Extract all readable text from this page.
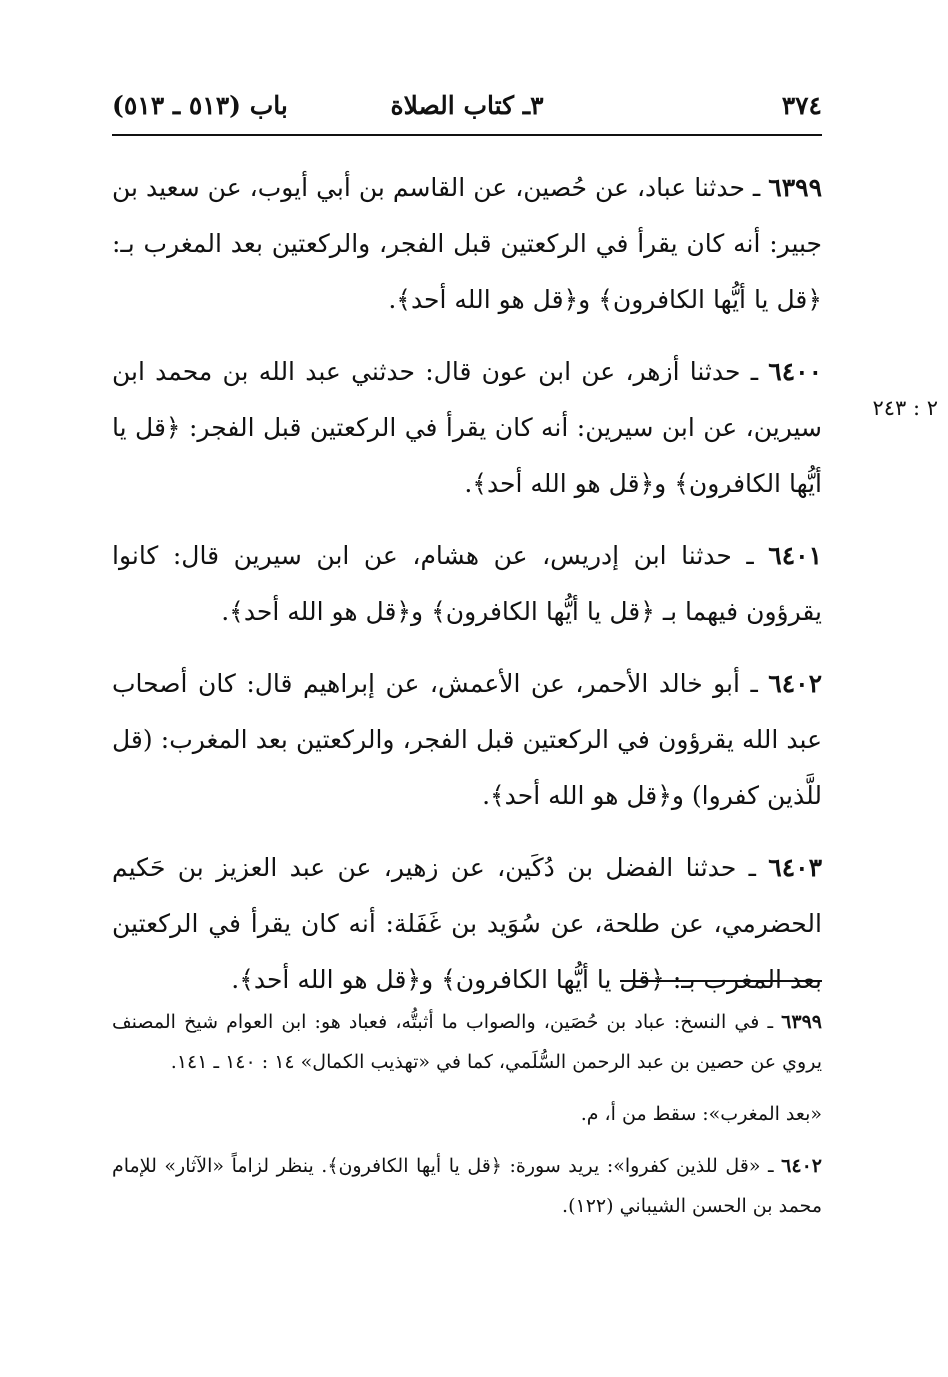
٣٧٤
٣ـ كتاب الصلاة
باب (٥١٣ ـ ٥١٣)
٢ : ٢٤٣

٦٣٩٩ ـ حدثنا عباد، عن حُصين، عن القاسم بن أبي أيوب، عن سعيد بن جبير: أنه كان يقرأ في الركعتين قبل الفجر، والركعتين بعد المغرب بـ: ﴿قل يا أيُّها الكافرون﴾ و﴿قل هو الله أحد﴾.

٦٤٠٠ ـ حدثنا أزهر، عن ابن عون قال: حدثني عبد الله بن محمد ابن سيرين، عن ابن سيرين: أنه كان يقرأ في الركعتين قبل الفجر: ﴿قل يا أيُّها الكافرون﴾ و﴿قل هو الله أحد﴾.

٦٤٠١ ـ حدثنا ابن إدريس، عن هشام، عن ابن سيرين قال: كانوا يقرؤون فيهما بـ ﴿قل يا أيُّها الكافرون﴾ و﴿قل هو الله أحد﴾.

٦٤٠٢ ـ أبو خالد الأحمر، عن الأعمش، عن إبراهيم قال: كان أصحاب عبد الله يقرؤون في الركعتين قبل الفجر، والركعتين بعد المغرب: (قل للَّذين كفروا) و﴿قل هو الله أحد﴾.

٦٤٠٣ ـ حدثنا الفضل بن دُكَين، عن زهير، عن عبد العزيز بن حَكيم الحضرمي، عن طلحة، عن سُوَيد بن غَفَلة: أنه كان يقرأ في الركعتين بعد المغرب بـ: ﴿قل يا أيُّها الكافرون﴾ و﴿قل هو الله أحد﴾.

٦٣٩٩ ـ في النسخ: عباد بن حُصَين، والصواب ما أثبتُّه، فعباد هو: ابن العوام شيخ المصنف يروي عن حصين بن عبد الرحمن السُّلَمي، كما في «تهذيب الكمال» ١٤ : ١٤٠ ـ ١٤١.

«بعد المغرب»: سقط من أ، م.

٦٤٠٢ ـ «قل للذين كفروا»: يريد سورة: ﴿قل يا أيها الكافرون﴾. ينظر لزاماً «الآثار» للإمام محمد بن الحسن الشيباني (١٢٢).
